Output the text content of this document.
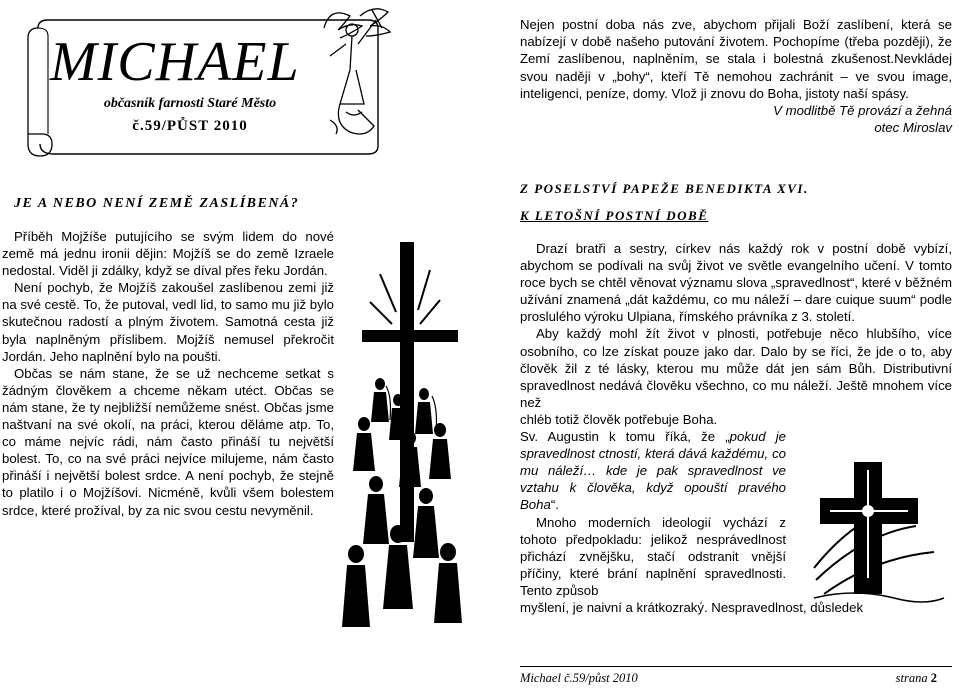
MICHAEL
občasník farnosti Staré Město
č.59/PŮST 2010
JE A NEBO NENÍ ZEMĚ ZASLÍBENÁ?

Příběh Mojžíše putujícího se svým lidem do nové země má jednu ironii dějin: Mojžíš se do země Izraele nedostal. Viděl ji zdálky, když se díval přes řeku Jordán.

Není pochyb, že Mojžíš zakoušel zaslíbenou zemi již na své cestě. To, že putoval, vedl lid, to samo mu již bylo skutečnou radostí a plným životem. Samotná cesta již byla naplněným příslibem. Mojžíš nemusel překročit Jordán. Jeho naplnění bylo na poušti.

Občas se nám stane, že se už nechceme setkat s žádným člověkem a chceme někam utéct. Občas se nám stane, že ty nejbližší nemůžeme snést. Občas jsme naštvaní na své okolí, na práci, kterou děláme atp. To, co máme nejvíc rádi, nám často přináší tu největší bolest. To, co na své práci nejvíce milujeme, nám často přináší i největší bolest srdce. A není pochyb, že stejně to platilo i o Mojžíšovi. Nicméně, kvůli všem bolestem srdce, které prožíval, by za nic svou cestu nevyměnil.

Nejen postní doba nás zve, abychom přijali Boží zaslíbení, která se nabízejí v době našeho putování životem. Pochopíme (třeba později), že Zemí zaslíbenou, naplněním, se stala i bolestná zkušenost.Nevkládej svou naději v „bohy“, kteří Tě nemohou zachránit – ve svou image, inteligenci, peníze, domy. Vlož ji znovu do Boha, jistoty naší spásy.

V modlitbě Tě provází a žehná

otec Miroslav

Z POSELSTVÍ PAPEŽE BENEDIKTA XVI.
K LETOŠNÍ POSTNÍ DOBĚ

Drazí bratři a sestry, církev nás každý rok v postní době vybízí, abychom se podívali na svůj život ve světle evangelního učení. V tomto roce bych se chtěl věnovat významu slova „spravedlnost“, které v běžném užívání znamená „dát každému, co mu náleží – dare cuique suum“ podle proslulého výroku Ulpiana, římského právníka z 3. století.

Aby každý mohl žít život v plnosti, potřebuje něco hlubšího, více osobního, co lze získat pouze jako dar. Dalo by se říci, že jde o to, aby člověk žil z té lásky, kterou mu může dát jen sám Bůh. Distributivní spravedlnost nedává člověku všechno, co mu náleží. Ještě mnohem více než

chléb totiž člověk potřebuje Boha.

Sv. Augustin k tomu říká, že „pokud je spravedlnost ctností, která dává každému, co mu náleží… kde je pak spravedlnost ve vztahu k člověka, když opouští pravého Boha“.

Mnoho moderních ideologií vychází z tohoto předpokladu: jelikož nesprávedlnost přichází zvnějšku, stačí odstranit vnější příčiny, které brání naplnění spravedlnosti. Tento způsob

myšlení, je naivní a krátkozraký. Nespravedlnost, důsledek

Michael č.59/půst 2010	strana 2
